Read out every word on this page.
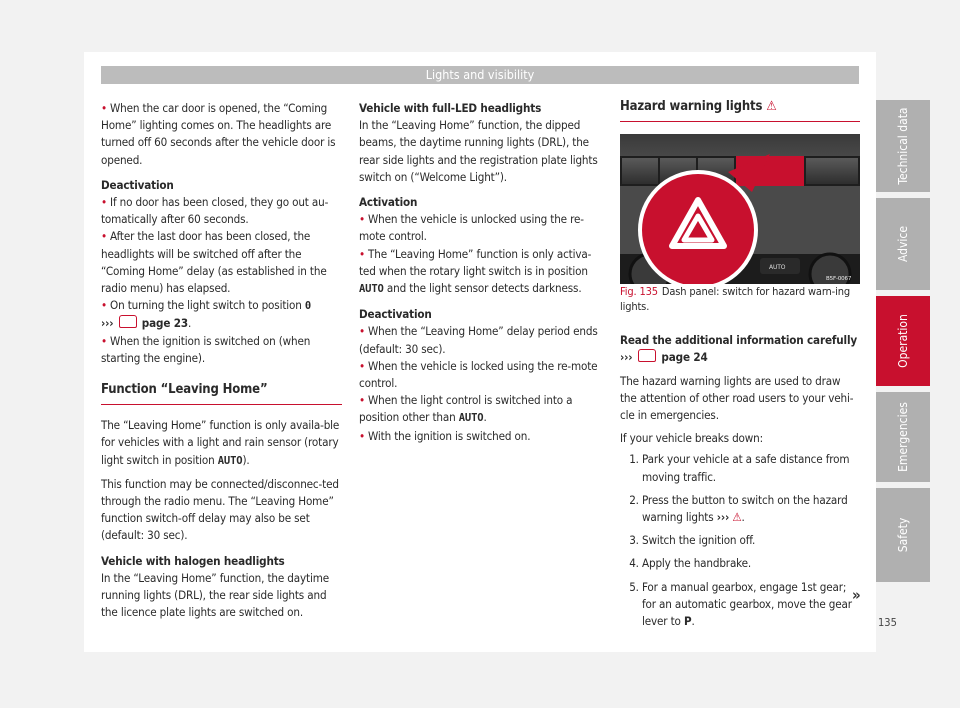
Lights and visibility

• When the car door is opened, the “Coming Home” lighting comes on. The headlights are turned off 60 seconds after the vehicle door is opened.

Deactivation

• If no door has been closed, they go out au-tomatically after 60 seconds.

• After the last door has been closed, the headlights will be switched off after the “Coming Home” delay (as established in the radio menu) has elapsed.

• On turning the light switch to position 0
››› page 23.

• When the ignition is switched on (when starting the engine).

Function “Leaving Home”

The “Leaving Home” function is only availa-ble for vehicles with a light and rain sensor (rotary light switch in position AUTO).

This function may be connected/disconnec-ted through the radio menu. The “Leaving Home” function switch-off delay may also be set (default: 30 sec).

Vehicle with halogen headlights

In the “Leaving Home” function, the daytime running lights (DRL), the rear side lights and the licence plate lights are switched on.

Vehicle with full-LED headlights

In the “Leaving Home” function, the dipped beams, the daytime running lights (DRL), the rear side lights and the registration plate lights switch on (“Welcome Light”).

Activation

• When the vehicle is unlocked using the re-mote control.

• The “Leaving Home” function is only activa-ted when the rotary light switch is in position
AUTO and the light sensor detects darkness.

Deactivation

• When the “Leaving Home” delay period ends (default: 30 sec).

• When the vehicle is locked using the re-mote control.

• When the light control is switched into a position other than AUTO.

• With the ignition is switched on.

Hazard warning lights ⚠
AUTO
B5F-0067

Fig. 135 Dash panel: switch for hazard warn-ing lights.

Read the additional information carefully

››› page 24

The hazard warning lights are used to draw the attention of other road users to your vehi-cle in emergencies.

If your vehicle breaks down:

1. Park your vehicle at a safe distance from moving traffic.
2. Press the button to switch on the hazard warning lights ››› ⚠.
3. Switch the ignition off.
4. Apply the handbrake.
5. For a manual gearbox, engage 1st gear; for an automatic gearbox, move the gear lever to P.
»
Technical data
Advice
Operation
Emergencies
Safety
135
